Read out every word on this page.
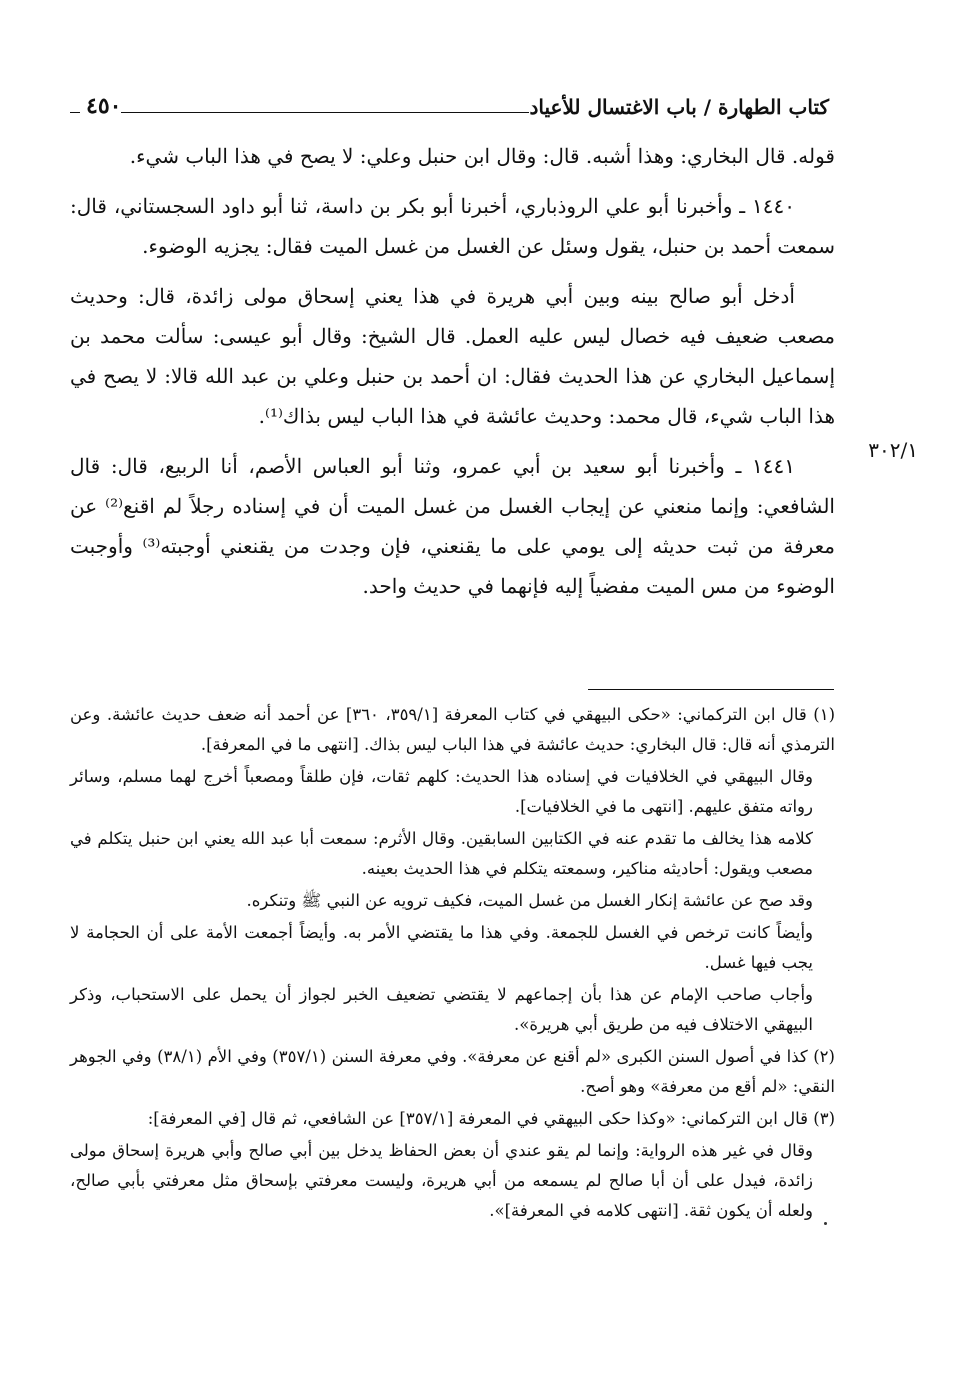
كتاب الطهارة / باب الاغتسال للأعياد
٤٥٠
٣٠٢/١

قوله. قال البخاري: وهذا أشبه. قال: وقال ابن حنبل وعلي: لا يصح في هذا الباب شيء.

١٤٤٠ ـ وأخبرنا أبو علي الروذباري، أخبرنا أبو بكر بن داسة، ثنا أبو داود السجستاني، قال: سمعت أحمد بن حنبل، يقول وسئل عن الغسل من غسل الميت فقال: يجزيه الوضوء.

أدخل أبو صالح بينه وبين أبي هريرة في هذا يعني إسحاق مولى زائدة، قال: وحديث مصعب ضعيف فيه خصال ليس عليه العمل. قال الشيخ: وقال أبو عيسى: سألت محمد بن إسماعيل البخاري عن هذا الحديث فقال: ان أحمد بن حنبل وعلي بن عبد الله قالا: لا يصح في هذا الباب شيء، قال محمد: وحديث عائشة في هذا الباب ليس بذاك⁽¹⁾.

١٤٤١ ـ وأخبرنا أبو سعيد بن أبي عمرو، وثنا أبو العباس الأصم، أنا الربيع، قال: قال الشافعي: وإنما منعني عن إيجاب الغسل من غسل الميت أن في إسناده رجلاً لم اقنع⁽²⁾ عن معرفة من ثبت حديثه إلى يومي على ما يقنعني، فإن وجدت من يقنعني أوجبته⁽³⁾ وأوجبت الوضوء من مس الميت مفضياً إليه فإنهما في حديث واحد.

(١) قال ابن التركماني: «حكى البيهقي في كتاب المعرفة [٣٥٩/١، ٣٦٠] عن أحمد أنه ضعف حديث عائشة. وعن الترمذي أنه قال: قال البخاري: حديث عائشة في هذا الباب ليس بذاك. [انتهى ما في المعرفة].

وقال البيهقي في الخلافيات في إسناده هذا الحديث: كلهم ثقات، فإن طلقاً ومصعباً أخرج لهما مسلم، وسائر رواته متفق عليهم. [انتهى ما في الخلافيات].

كلامه هذا يخالف ما تقدم عنه في الكتابين السابقين. وقال الأثرم: سمعت أبا عبد الله يعني ابن حنبل يتكلم في مصعب ويقول: أحاديثه مناكير، وسمعته يتكلم في هذا الحديث بعينه.

وقد صح عن عائشة إنكار الغسل من غسل الميت، فكيف ترويه عن النبي ﷺ وتنكره.

وأيضاً كانت ترخص في الغسل للجمعة. وفي هذا ما يقتضي الأمر به. وأيضاً أجمعت الأمة على أن الحجامة لا يجب فيها غسل.

وأجاب صاحب الإمام عن هذا بأن إجماعهم لا يقتضي تضعيف الخبر لجواز أن يحمل على الاستحباب، وذكر البيهقي الاختلاف فيه من طريق أبي هريرة».

(٢) كذا في أصول السنن الكبرى «لم أقنع عن معرفة». وفي معرفة السنن (٣٥٧/١) وفي الأم (٣٨/١) وفي الجوهر النقي: «لم أقع من معرفة» وهو أصح.

(٣) قال ابن التركماني: «وكذا حكى البيهقي في المعرفة [٣٥٧/١] عن الشافعي، ثم قال [في المعرفة]:

وقال في غير هذه الرواية: وإنما لم يقو عندي أن بعض الحفاظ يدخل بين أبي صالح وأبي هريرة إسحاق مولى زائدة، فيدل على أن أبا صالح لم يسمعه من أبي هريرة، وليست معرفتي بإسحاق مثل معرفتي بأبي صالح، ولعله أن يكون ثقة. [انتهى كلامه في المعرفة]».
